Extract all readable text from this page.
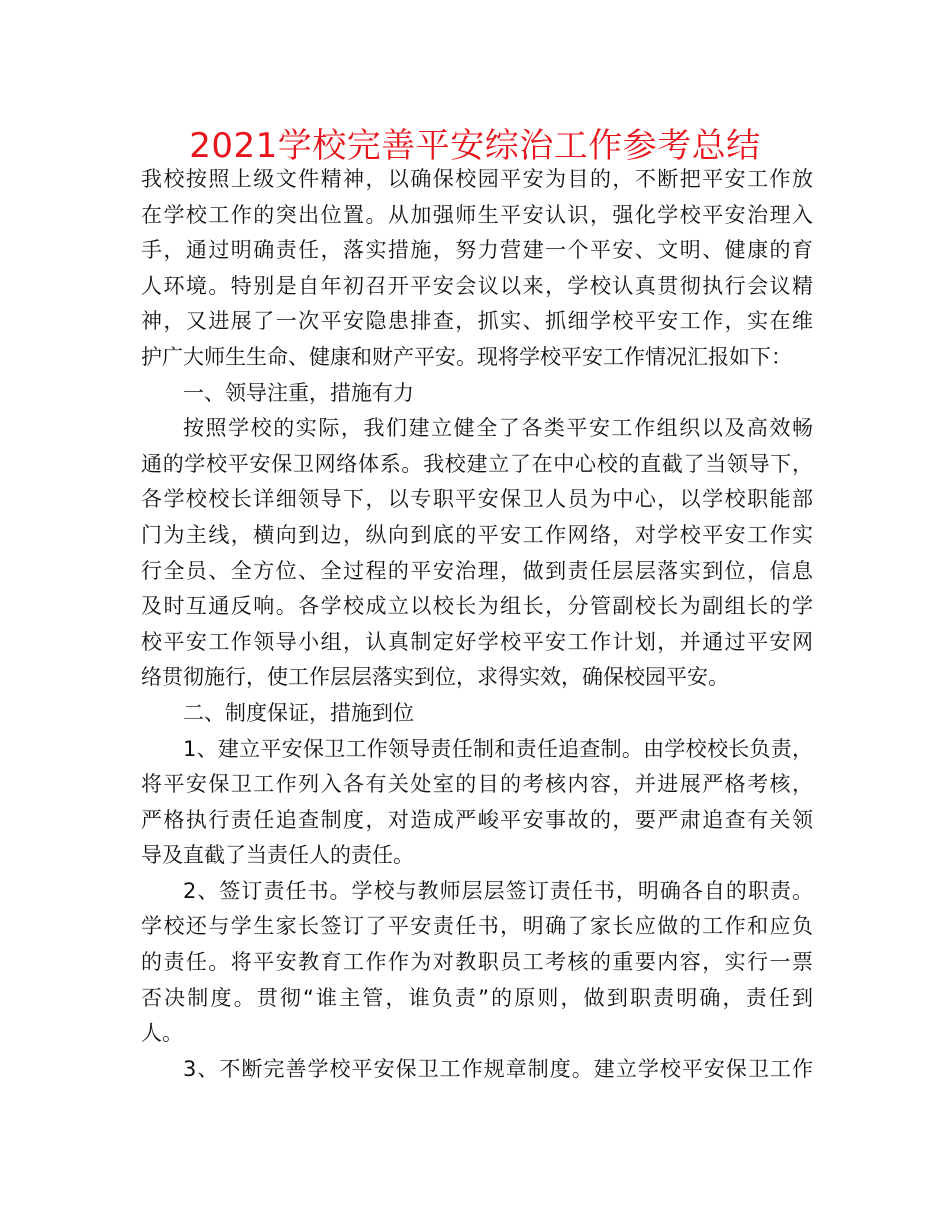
2021学校完善平安综治工作参考总结
我校按照上级文件精神，以确保校园平安为目的，不断把平安工作放
在学校工作的突出位置。从加强师生平安认识，强化学校平安治理入
手，通过明确责任，落实措施，努力营建一个平安、文明、健康的育
人环境。特别是自年初召开平安会议以来，学校认真贯彻执行会议精
神，又进展了一次平安隐患排查，抓实、抓细学校平安工作，实在维
护广大师生生命、健康和财产平安。现将学校平安工作情况汇报如下：
一、领导注重，措施有力
按照学校的实际，我们建立健全了各类平安工作组织以及高效畅
通的学校平安保卫网络体系。我校建立了在中心校的直截了当领导下，
各学校校长详细领导下，以专职平安保卫人员为中心，以学校职能部
门为主线，横向到边，纵向到底的平安工作网络，对学校平安工作实
行全员、全方位、全过程的平安治理，做到责任层层落实到位，信息
及时互通反响。各学校成立以校长为组长，分管副校长为副组长的学
校平安工作领导小组，认真制定好学校平安工作计划，并通过平安网
络贯彻施行，使工作层层落实到位，求得实效，确保校园平安。
二、制度保证，措施到位
1、建立平安保卫工作领导责任制和责任追查制。由学校校长负责，
将平安保卫工作列入各有关处室的目的考核内容，并进展严格考核，
严格执行责任追查制度，对造成严峻平安事故的，要严肃追查有关领
导及直截了当责任人的责任。
2、签订责任书。学校与教师层层签订责任书，明确各自的职责。
学校还与学生家长签订了平安责任书，明确了家长应做的工作和应负
的责任。将平安教育工作作为对教职员工考核的重要内容，实行一票
否决制度。贯彻“谁主管，谁负责”的原则，做到职责明确，责任到
人。
3、不断完善学校平安保卫工作规章制度。建立学校平安保卫工作
